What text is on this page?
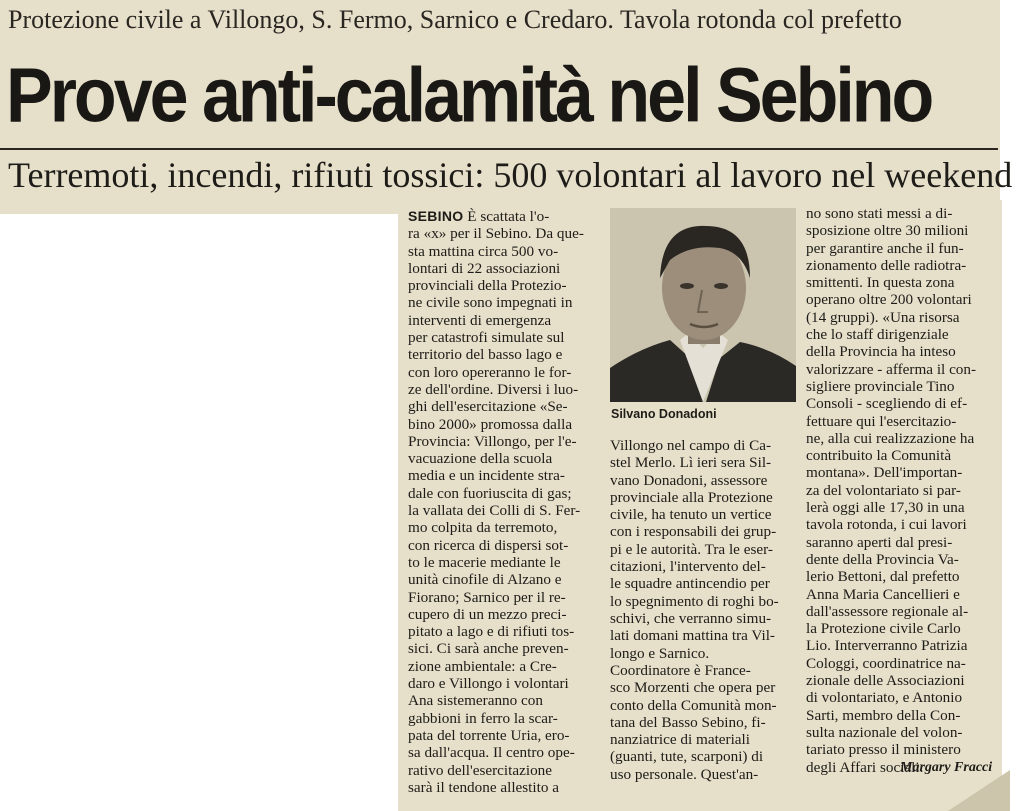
Protezione civile a Villongo, S. Fermo, Sarnico e Credaro. Tavola rotonda col prefetto
Prove anti-calamità nel Sebino
Terremoti, incendi, rifiuti tossici: 500 volontari al lavoro nel weekend
SEBINO È scattata l'o-
ra «x» per il Sebino. Da que-
sta mattina circa 500 vo-
lontari di 22 associazioni
provinciali della Protezio-
ne civile sono impegnati in
interventi di emergenza
per catastrofi simulate sul
territorio del basso lago e
con loro opereranno le for-
ze dell'ordine. Diversi i luo-
ghi dell'esercitazione «Se-
bino 2000» promossa dalla
Provincia: Villongo, per l'e-
vacuazione della scuola
media e un incidente stra-
dale con fuoriuscita di gas;
la vallata dei Colli di S. Fer-
mo colpita da terremoto,
con ricerca di dispersi sot-
to le macerie mediante le
unità cinofile di Alzano e
Fiorano; Sarnico per il re-
cupero di un mezzo preci-
pitato a lago e di rifiuti tos-
sici. Ci sarà anche preven-
zione ambientale: a Cre-
daro e Villongo i volontari
Ana sistemeranno con
gabbioni in ferro la scar-
pata del torrente Uria, ero-
sa dall'acqua. Il centro ope-
rativo dell'esercitazione
sarà il tendone allestito a
Silvano Donadoni
Villongo nel campo di Ca-
stel Merlo. Lì ieri sera Sil-
vano Donadoni, assessore
provinciale alla Protezione
civile, ha tenuto un vertice
con i responsabili dei grup-
pi e le autorità. Tra le eser-
citazioni, l'intervento del-
le squadre antincendio per
lo spegnimento di roghi bo-
schivi, che verranno simu-
lati domani mattina tra Vil-
longo e Sarnico.
Coordinatore è France-
sco Morzenti che opera per
conto della Comunità mon-
tana del Basso Sebino, fi-
nanziatrice di materiali
(guanti, tute, scarponi) di
uso personale. Quest'an-
no sono stati messi a di-
sposizione oltre 30 milioni
per garantire anche il fun-
zionamento delle radiotra-
smittenti. In questa zona
operano oltre 200 volontari
(14 gruppi). «Una risorsa
che lo staff dirigenziale
della Provincia ha inteso
valorizzare - afferma il con-
sigliere provinciale Tino
Consoli - scegliendo di ef-
fettuare qui l'esercitazio-
ne, alla cui realizzazione ha
contribuito la Comunità
montana». Dell'importan-
za del volontariato si par-
lerà oggi alle 17,30 in una
tavola rotonda, i cui lavori
saranno aperti dal presi-
dente della Provincia Va-
lerio Bettoni, dal prefetto
Anna Maria Cancellieri e
dall'assessore regionale al-
la Protezione civile Carlo
Lio. Interverranno Patrizia
Cologgi, coordinatrice na-
zionale delle Associazioni
di volontariato, e Antonio
Sarti, membro della Con-
sulta nazionale del volon-
tariato presso il ministero
degli Affari sociali.
Margary Fracci
